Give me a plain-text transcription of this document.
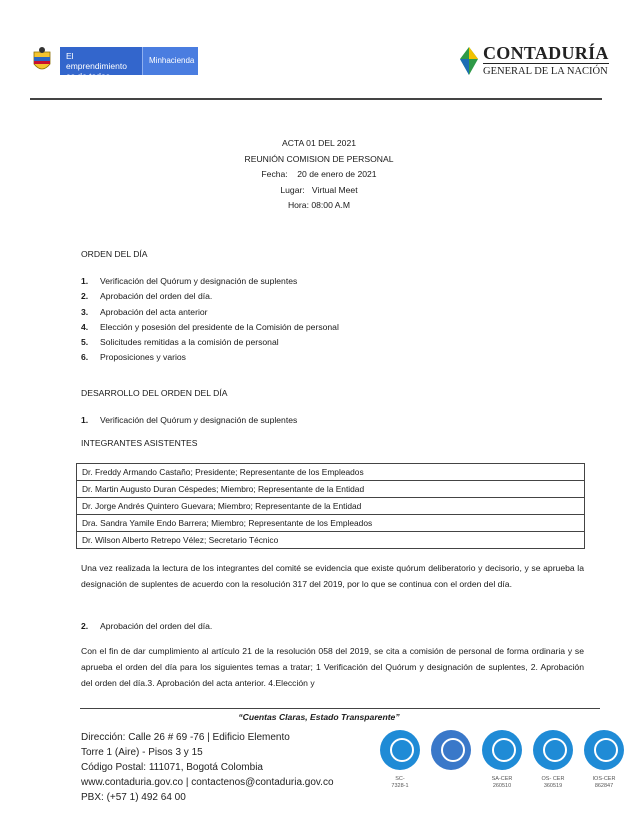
El emprendimiento
es de todos
Minhacienda	CONTADURÍA
GENERAL DE LA NACIÓN
ACTA 01 DEL 2021
REUNIÓN COMISION DE PERSONAL
Fecha:    20 de enero de 2021
Lugar:   Virtual Meet
Hora: 08:00 A.M
ORDEN DEL DÍA
1.	Verificación del Quórum y designación de suplentes
2.	Aprobación del orden del día.
3.	Aprobación del acta anterior
4.	Elección y posesión del presidente de la Comisión de personal
5.	Solicitudes remitidas a la comisión de personal
6.	Proposiciones y varios
DESARROLLO DEL ORDEN DEL DÍA
1.	Verificación del Quórum y designación de suplentes
INTEGRANTES ASISTENTES
Dr. Freddy Armando Castaño; Presidente; Representante de los Empleados
Dr. Martin Augusto Duran Céspedes; Miembro; Representante de la Entidad
Dr. Jorge Andrés Quintero Guevara; Miembro; Representante de la Entidad
Dra. Sandra Yamile Endo Barrera; Miembro; Representante de los Empleados
Dr. Wilson Alberto Retrepo Vélez; Secretario Técnico
Una vez realizada la lectura de los integrantes del comité se evidencia que existe quórum deliberatorio y decisorio, y se aprueba la designación de suplentes de acuerdo con la resolución 317 del 2019, por lo que se continua con el orden del día.
2.	Aprobación del orden del día.
Con el fin de dar cumplimiento al artículo 21 de la resolución 058 del 2019, se cita a comisión de personal de forma ordinaria y se aprueba el orden del día para los siguientes temas a tratar; 1 Verificación del Quórum y designación de suplentes, 2. Aprobación del orden del día.3. Aprobación del acta anterior. 4.Elección y
“Cuentas Claras, Estado Transparente”
Dirección: Calle 26 # 69 -76 | Edificio Elemento
Torre 1 (Aire) - Pisos 3 y 15
Código Postal: 111071, Bogotá Colombia
www.contaduria.gov.co | contactenos@contaduria.gov.co
PBX: (+57 1) 492 64 00
SC-
7328-1
SA-CER
260510
OS- CER
360519
IOS-CER
862847
